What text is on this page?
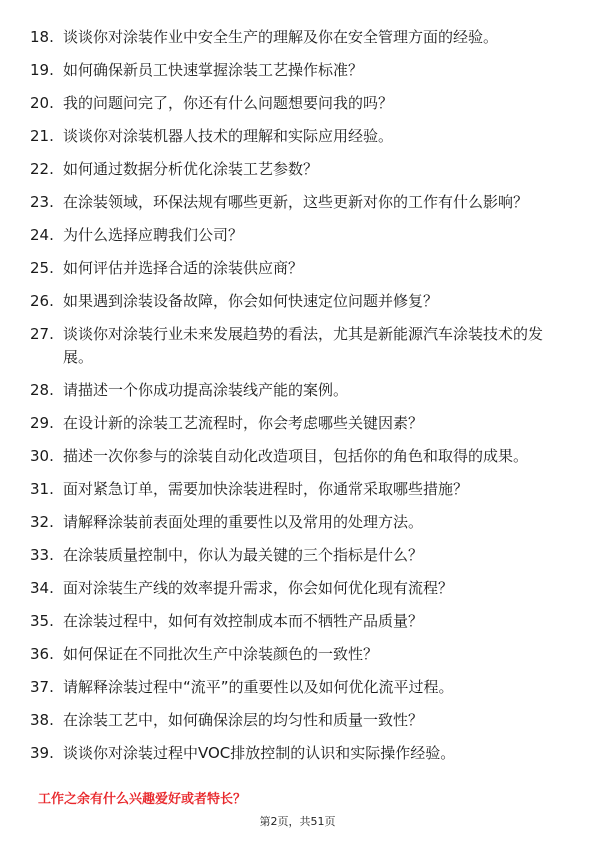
18. 谈谈你对涂装作业中安全生产的理解及你在安全管理方面的经验。
19. 如何确保新员工快速掌握涂装工艺操作标准？
20. 我的问题问完了，你还有什么问题想要问我的吗？
21. 谈谈你对涂装机器人技术的理解和实际应用经验。
22. 如何通过数据分析优化涂装工艺参数？
23. 在涂装领域，环保法规有哪些更新，这些更新对你的工作有什么影响？
24. 为什么选择应聘我们公司？
25. 如何评估并选择合适的涂装供应商？
26. 如果遇到涂装设备故障，你会如何快速定位问题并修复？
27. 谈谈你对涂装行业未来发展趋势的看法，尤其是新能源汽车涂装技术的发展。
28. 请描述一个你成功提高涂装线产能的案例。
29. 在设计新的涂装工艺流程时，你会考虑哪些关键因素？
30. 描述一次你参与的涂装自动化改造项目，包括你的角色和取得的成果。
31. 面对紧急订单，需要加快涂装进程时，你通常采取哪些措施？
32. 请解释涂装前表面处理的重要性以及常用的处理方法。
33. 在涂装质量控制中，你认为最关键的三个指标是什么？
34. 面对涂装生产线的效率提升需求，你会如何优化现有流程？
35. 在涂装过程中，如何有效控制成本而不牺牲产品质量？
36. 如何保证在不同批次生产中涂装颜色的一致性？
37. 请解释涂装过程中“流平”的重要性以及如何优化流平过程。
38. 在涂装工艺中，如何确保涂层的均匀性和质量一致性？
39. 谈谈你对涂装过程中VOC排放控制的认识和实际操作经验。
工作之余有什么兴趣爱好或者特长？
第2页，共51页
